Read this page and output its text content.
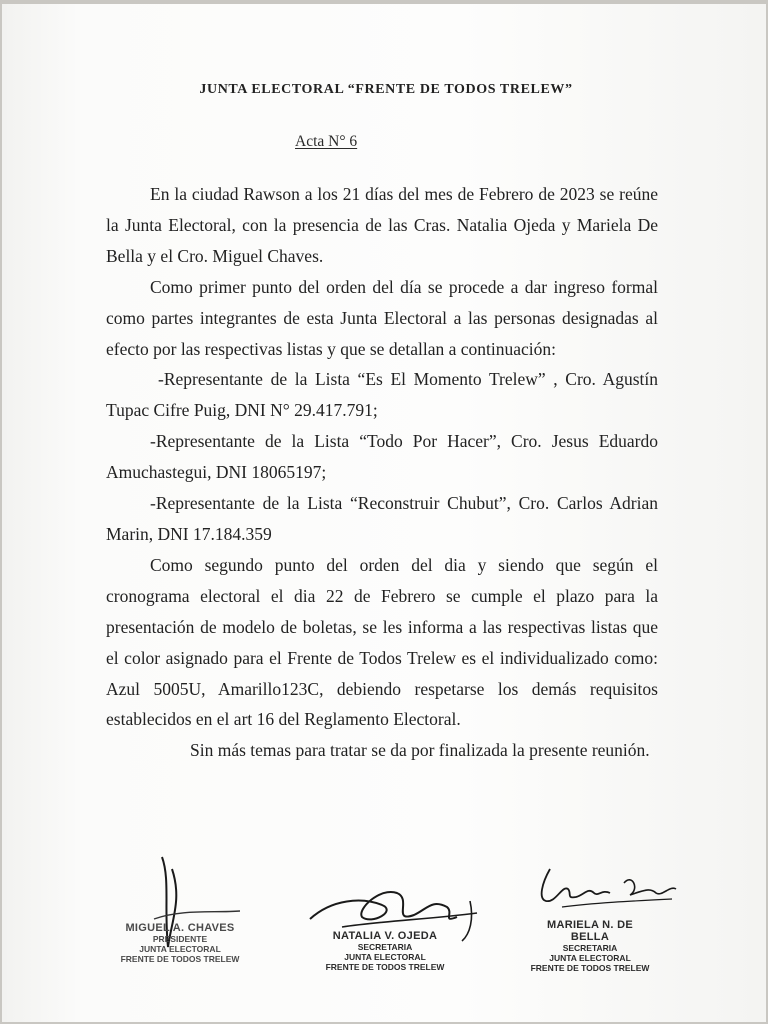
JUNTA ELECTORAL “FRENTE DE TODOS TRELEW”
Acta N° 6

En la ciudad Rawson a los 21 días del mes de Febrero de 2023 se reúne la Junta Electoral, con la presencia de las Cras. Natalia Ojeda y Mariela De Bella y el Cro. Miguel Chaves.

Como primer punto del orden del día se procede a dar ingreso formal como partes integrantes de esta Junta Electoral a las personas designadas al efecto por las respectivas listas y que se detallan a continuación:

-Representante de la Lista “Es El Momento Trelew” , Cro. Agustín Tupac Cifre Puig, DNI N° 29.417.791;

-Representante de la Lista “Todo Por Hacer”, Cro. Jesus Eduardo Amuchastegui, DNI 18065197;

-Representante de la Lista “Reconstruir Chubut”, Cro. Carlos Adrian Marin, DNI 17.184.359

Como segundo punto del orden del dia y siendo que según el cronograma electoral el dia 22 de Febrero se cumple el plazo para la presentación de modelo de boletas, se les informa a las respectivas listas que el color asignado para el Frente de Todos Trelew es el individualizado como: Azul 5005U, Amarillo123C, debiendo respetarse los demás requisitos establecidos en el art 16 del Reglamento Electoral.

Sin más temas para tratar se da por finalizada la presente reunión.

MIGUEL A. CHAVES
PRESIDENTE
JUNTA ELECTORAL
FRENTE DE TODOS TRELEW
NATALIA V. OJEDA
SECRETARIA
JUNTA ELECTORAL
FRENTE DE TODOS TRELEW
MARIELA N. DE BELLA
SECRETARIA
JUNTA ELECTORAL
FRENTE DE TODOS TRELEW
